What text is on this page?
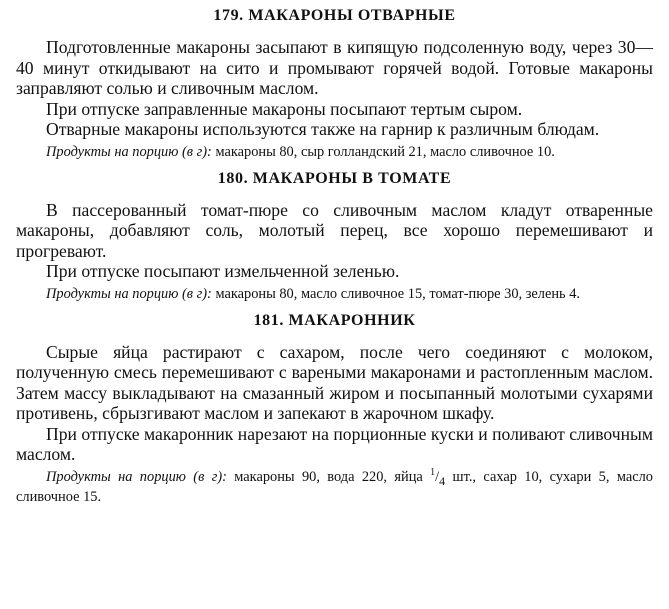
179. МАКАРОНЫ ОТВАРНЫЕ

Подготовленные макароны засыпают в кипящую подсоленную воду, через 30—40 минут откидывают на сито и промывают горячей водой. Готовые макароны заправляют солью и сливочным маслом.

При отпуске заправленные макароны посыпают тертым сыром.

Отварные макароны используются также на гарнир к различным блюдам.

Продукты на порцию (в г): макароны 80, сыр голландский 21, масло сливочное 10.

180. МАКАРОНЫ В ТОМАТЕ

В пассерованный томат-пюре со сливочным маслом кладут отваренные макароны, добавляют соль, молотый перец, все хорошо перемешивают и прогревают.

При отпуске посыпают измельченной зеленью.

Продукты на порцию (в г): макароны 80, масло сливочное 15, томат-пюре 30, зелень 4.

181. МАКАРОННИК

Сырые яйца растирают с сахаром, после чего соединяют с молоком, полученную смесь перемешивают с вареными макаронами и растопленным маслом. Затем массу выкладывают на смазанный жиром и посыпанный молотыми сухарями противень, сбрызгивают маслом и запекают в жарочном шкафу.

При отпуске макаронник нарезают на порционные куски и поливают сливочным маслом.

Продукты на порцию (в г): макароны 90, вода 220, яйца $^1/_4$ шт., сахар 10, сухари 5, масло сливочное 15.
